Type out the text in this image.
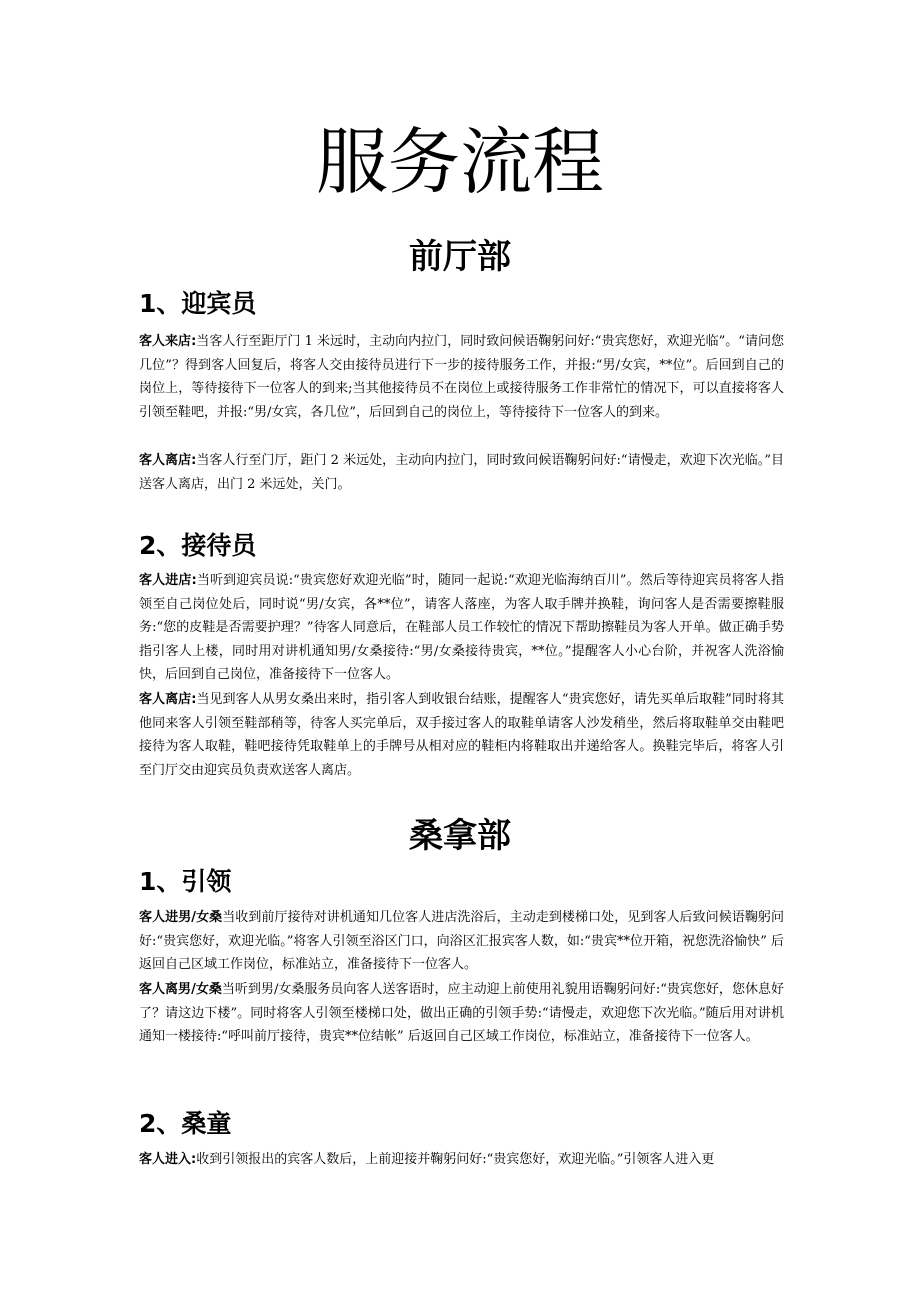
服务流程
前厅部
1、迎宾员

客人来店:当客人行至距厅门 1 米远时，主动向内拉门，同时致问候语鞠躬问好:“贵宾您好，欢迎光临”。“请问您几位”？得到客人回复后，将客人交由接待员进行下一步的接待服务工作，并报:“男/女宾，**位”。后回到自己的岗位上，等待接待下一位客人的到来;当其他接待员不在岗位上或接待服务工作非常忙的情况下，可以直接将客人引领至鞋吧，并报:“男/女宾，各几位”，后回到自己的岗位上，等待接待下一位客人的到来。

客人离店:当客人行至门厅，距门 2 米远处，主动向内拉门，同时致问候语鞠躬问好:“请慢走，欢迎下次光临。”目送客人离店，出门 2 米远处，关门。

2、接待员

客人进店:当听到迎宾员说:“贵宾您好欢迎光临”时，随同一起说:“欢迎光临海纳百川”。然后等待迎宾员将客人指领至自己岗位处后，同时说“男/女宾，各**位”，请客人落座，为客人取手牌并换鞋，询问客人是否需要擦鞋服务:“您的皮鞋是否需要护理？”待客人同意后，在鞋部人员工作较忙的情况下帮助擦鞋员为客人开单。做正确手势指引客人上楼，同时用对讲机通知男/女桑接待:“男/女桑接待贵宾，**位。”提醒客人小心台阶，并祝客人洗浴愉快，后回到自己岗位，准备接待下一位客人。

客人离店:当见到客人从男女桑出来时，指引客人到收银台结账，提醒客人“贵宾您好，请先买单后取鞋”同时将其他同来客人引领至鞋部稍等，待客人买完单后，双手接过客人的取鞋单请客人沙发稍坐，然后将取鞋单交由鞋吧接待为客人取鞋，鞋吧接待凭取鞋单上的手牌号从相对应的鞋柜内将鞋取出并递给客人。换鞋完毕后，将客人引至门厅交由迎宾员负责欢送客人离店。

桑拿部
1、引领

客人进男/女桑当收到前厅接待对讲机通知几位客人进店洗浴后，主动走到楼梯口处，见到客人后致问候语鞠躬问好:“贵宾您好，欢迎光临。”将客人引领至浴区门口，向浴区汇报宾客人数，如:“贵宾**位开箱，祝您洗浴愉快” 后返回自己区域工作岗位，标准站立，准备接待下一位客人。

客人离男/女桑当听到男/女桑服务员向客人送客语时，应主动迎上前使用礼貌用语鞠躬问好:“贵宾您好，您休息好了？请这边下楼”。同时将客人引领至楼梯口处，做出正确的引领手势:“请慢走，欢迎您下次光临。”随后用对讲机通知一楼接待:“呼叫前厅接待，贵宾**位结帐” 后返回自己区域工作岗位，标准站立，准备接待下一位客人。

2、桑童

客人进入:收到引领报出的宾客人数后，上前迎接并鞠躬问好:“贵宾您好，欢迎光临。”引领客人进入更
